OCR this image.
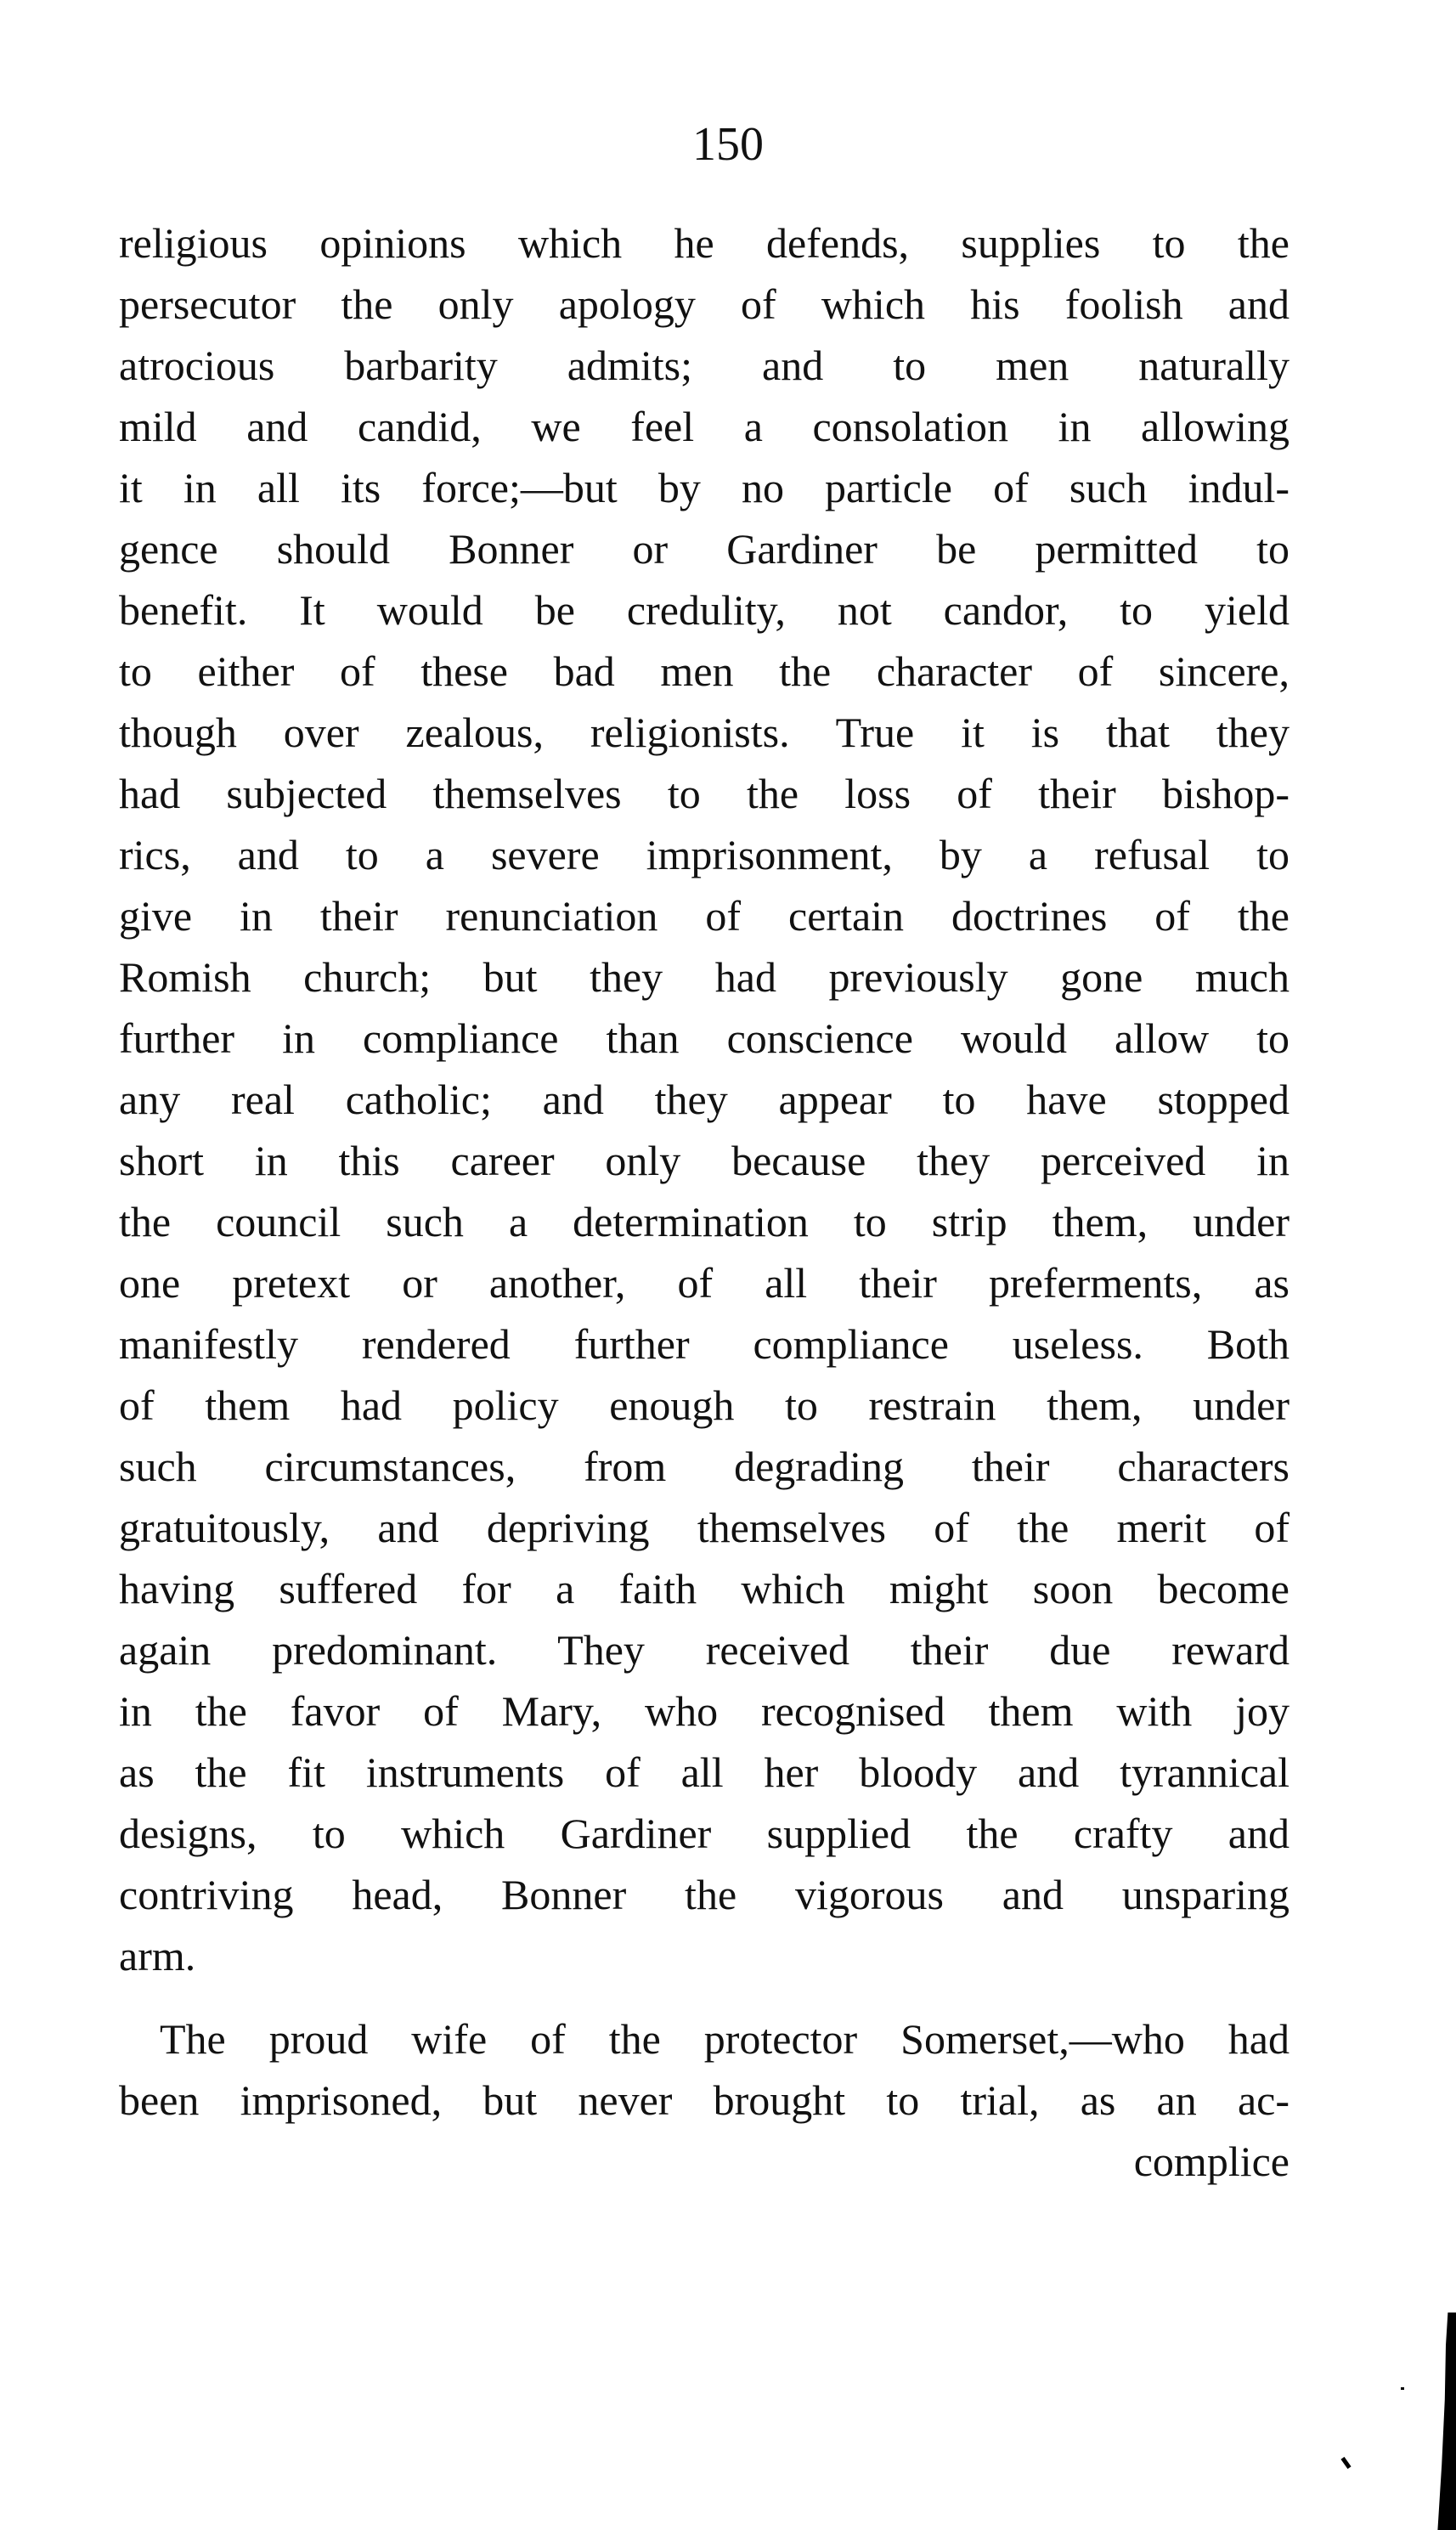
150
religious opinions which he defends, supplies to the
persecutor the only apology of which his foolish and
atrocious barbarity admits; and to men naturally
mild and candid, we feel a consolation in allowing
it in all its force;—but by no particle of such indul-
gence should Bonner or Gardiner be permitted to
benefit. It would be credulity, not candor, to yield
to either of these bad men the character of sincere,
though over zealous, religionists. True it is that they
had subjected themselves to the loss of their bishop-
rics, and to a severe imprisonment, by a refusal to
give in their renunciation of certain doctrines of the
Romish church; but they had previously gone much
further in compliance than conscience would allow to
any real catholic; and they appear to have stopped
short in this career only because they perceived in
the council such a determination to strip them, under
one pretext or another, of all their preferments, as
manifestly rendered further compliance useless. Both
of them had policy enough to restrain them, under
such circumstances, from degrading their characters
gratuitously, and depriving themselves of the merit of
having suffered for a faith which might soon become
again predominant. They received their due reward
in the favor of Mary, who recognised them with joy
as the fit instruments of all her bloody and tyrannical
designs, to which Gardiner supplied the crafty and
contriving head, Bonner the vigorous and unsparing
arm.
The proud wife of the protector Somerset,—who had
been imprisoned, but never brought to trial, as an ac-
complice
